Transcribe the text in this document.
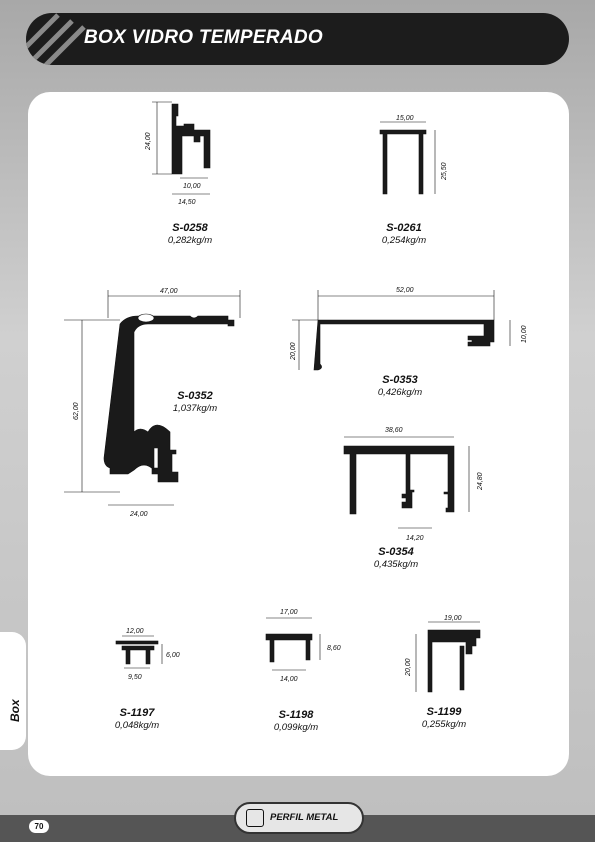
BOX VIDRO TEMPERADO
24,00
10,00
14,50
15,00
25,50
47,00
62,00
24,00
52,00
20,00
10,00
38,60
24,80
14,20
12,00
6,00
9,50
17,00
8,60
14,00
19,00
20,00
S-0258
0,282kg/m
S-0261
0,254kg/m
S-0352
1,037kg/m
S-0353
0,426kg/m
S-0354
0,435kg/m
S-1197
0,048kg/m
S-1198
0,099kg/m
S-1199
0,255kg/m
Box
70
PERFIL METAL
